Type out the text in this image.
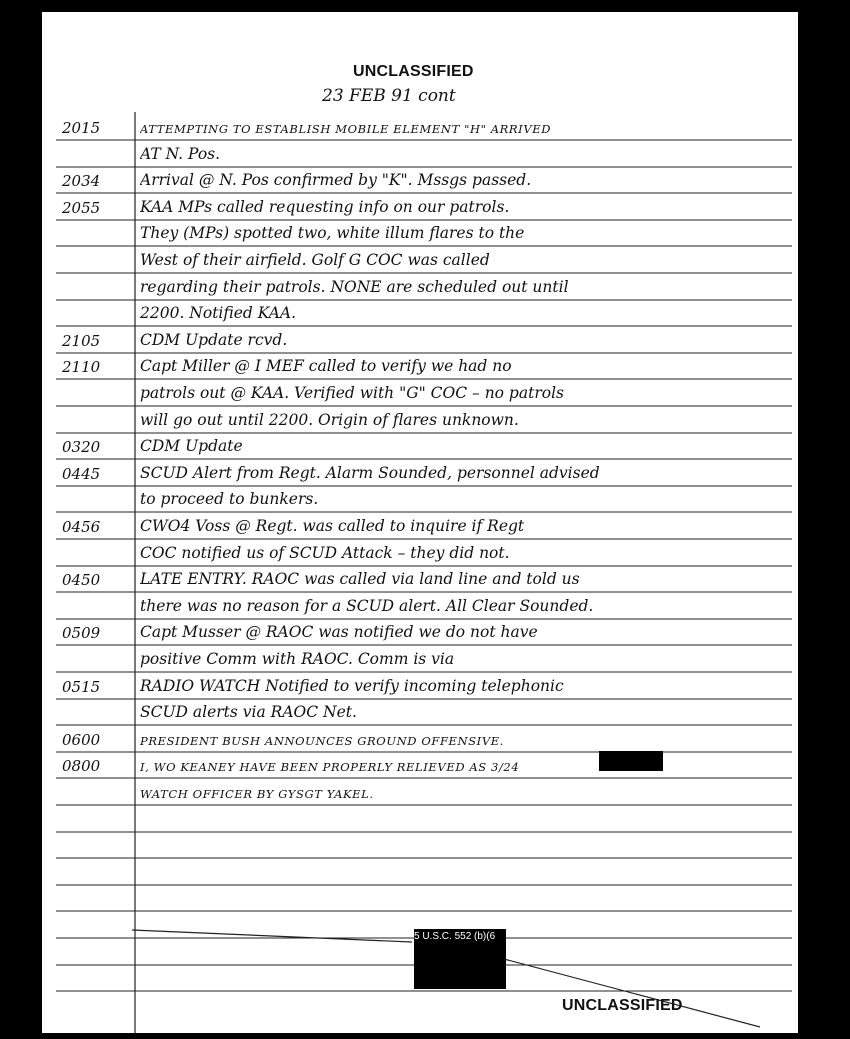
UNCLASSIFIED
23 FEB 91 cont
2015	ATTEMPTING TO ESTABLISH MOBILE ELEMENT "H" ARRIVED
AT N. Pos.
2034	Arrival @ N. Pos confirmed by "K". Mssgs passed.
2055	KAA MPs called requesting info on our patrols.
They (MPs) spotted two, white illum flares to the
West of their airfield. Golf G COC was called
regarding their patrols. NONE are scheduled out until
2200. Notified KAA.
2105	CDM Update rcvd.
2110	Capt Miller @ I MEF called to verify we had no
patrols out @ KAA. Verified with "G" COC – no patrols
will go out until 2200. Origin of flares unknown.
0320	CDM Update
0445	SCUD Alert from Regt. Alarm Sounded, personnel advised
to proceed to bunkers.
0456	CWO4 Voss @ Regt. was called to inquire if Regt
COC notified us of SCUD Attack – they did not.
0450	LATE ENTRY. RAOC was called via land line and told us
there was no reason for a SCUD alert. All Clear Sounded.
0509	Capt Musser @ RAOC was notified we do not have
positive Comm with RAOC. Comm is via
0515	RADIO WATCH Notified to verify incoming telephonic
SCUD alerts via RAOC Net.
0600	PRESIDENT BUSH ANNOUNCES GROUND OFFENSIVE.
0800	I, WO KEANEY HAVE BEEN PROPERLY RELIEVED AS 3/24
WATCH OFFICER BY GYSGT YAKEL.
5 U.S.C. 552 (b)(6
UNCLASSIFIED
